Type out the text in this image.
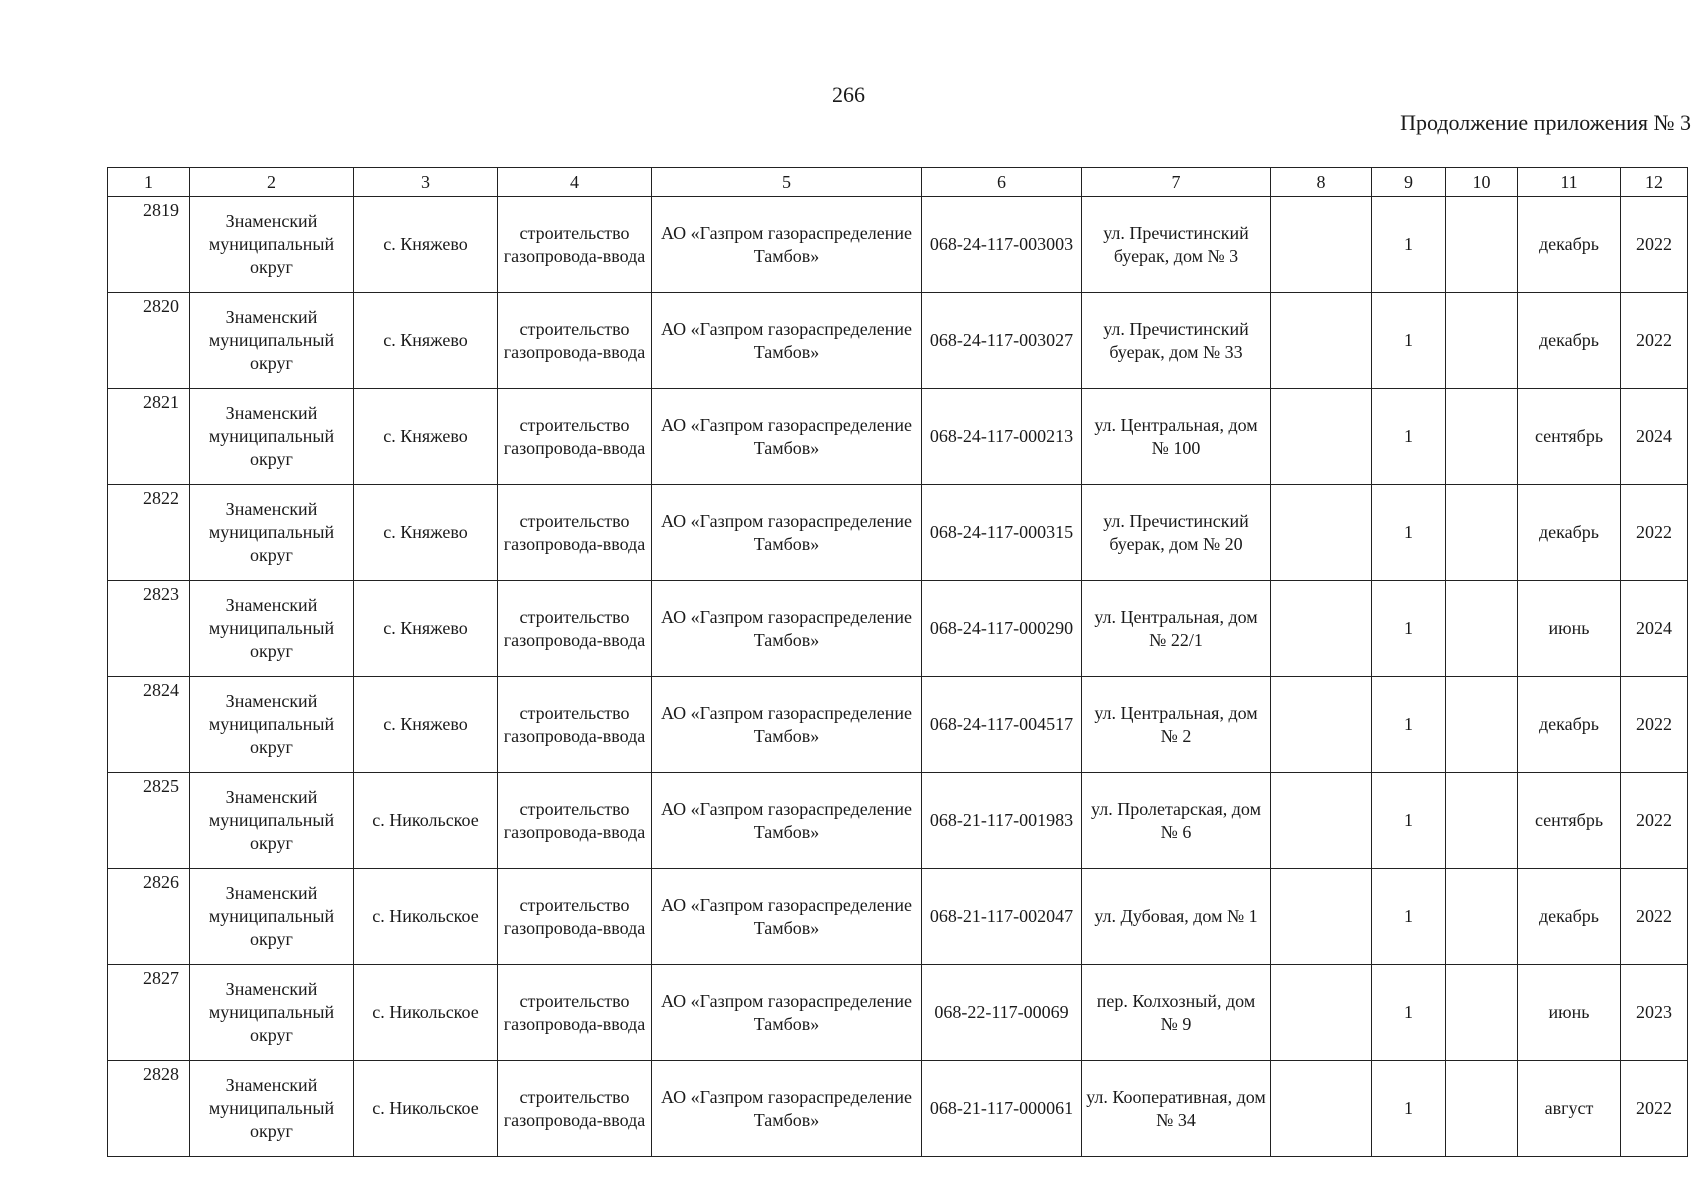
266
Продолжение приложения № 3
1	2	3	4	5	6	7	8	9	10	11	12
2819	Знаменский муниципальный округ	с. Княжево	строительство газопровода-ввода	АО «Газпром газораспределение Тамбов»	068-24-117-003003	ул. Пречистинский буерак, дом № 3		1		декабрь	2022
2820	Знаменский муниципальный округ	с. Княжево	строительство газопровода-ввода	АО «Газпром газораспределение Тамбов»	068-24-117-003027	ул. Пречистинский буерак, дом № 33		1		декабрь	2022
2821	Знаменский муниципальный округ	с. Княжево	строительство газопровода-ввода	АО «Газпром газораспределение Тамбов»	068-24-117-000213	ул. Центральная, дом № 100		1		сентябрь	2024
2822	Знаменский муниципальный округ	с. Княжево	строительство газопровода-ввода	АО «Газпром газораспределение Тамбов»	068-24-117-000315	ул. Пречистинский буерак, дом № 20		1		декабрь	2022
2823	Знаменский муниципальный округ	с. Княжево	строительство газопровода-ввода	АО «Газпром газораспределение Тамбов»	068-24-117-000290	ул. Центральная, дом № 22/1		1		июнь	2024
2824	Знаменский муниципальный округ	с. Княжево	строительство газопровода-ввода	АО «Газпром газораспределение Тамбов»	068-24-117-004517	ул. Центральная, дом № 2		1		декабрь	2022
2825	Знаменский муниципальный округ	с. Никольское	строительство газопровода-ввода	АО «Газпром газораспределение Тамбов»	068-21-117-001983	ул. Пролетарская, дом № 6		1		сентябрь	2022
2826	Знаменский муниципальный округ	с. Никольское	строительство газопровода-ввода	АО «Газпром газораспределение Тамбов»	068-21-117-002047	ул. Дубовая, дом № 1		1		декабрь	2022
2827	Знаменский муниципальный округ	с. Никольское	строительство газопровода-ввода	АО «Газпром газораспределение Тамбов»	068-22-117-00069	пер. Колхозный, дом № 9		1		июнь	2023
2828	Знаменский муниципальный округ	с. Никольское	строительство газопровода-ввода	АО «Газпром газораспределение Тамбов»	068-21-117-000061	ул. Кооперативная, дом № 34		1		август	2022
